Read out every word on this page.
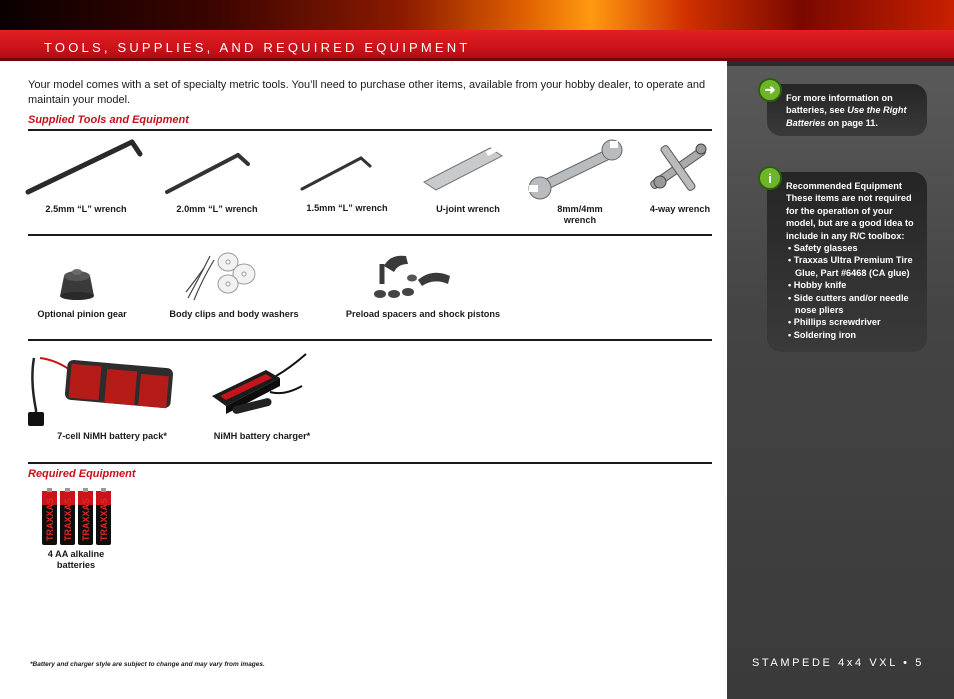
TOOLS, SUPPLIES, AND REQUIRED EQUIPMENT

Your model comes with a set of specialty metric tools. You’ll need to purchase other items, available from your hobby dealer, to operate and maintain your model.

Supplied Tools and Equipment
2.5mm “L” wrench	2.0mm “L” wrench	1.5mm “L” wrench	U-joint wrench	8mm/4mm wrench
4-way wrench
Optional pinion gear	Body clips and body washers	Preload spacers and shock pistons
7-cell NiMH battery pack*	NiMH battery charger*
Required Equipment
TRAXXAS TRAXXAS TRAXXAS TRAXXAS
4 AA alkaline batteries
*Battery and charger style are subject to change and may vary from images.
➜
For more information on batteries, see Use the Right Batteries on page 11.
i
Recommended Equipment
These items are not required for the operation of your model, but are a good idea to include in any R/C toolbox:
• Safety glasses
• Traxxas Ultra Premium Tire Glue, Part #6468 (CA glue)
• Hobby knife
• Side cutters and/or needle nose pliers
• Phillips screwdriver
• Soldering iron
STAMPEDE 4x4 VXL • 5
